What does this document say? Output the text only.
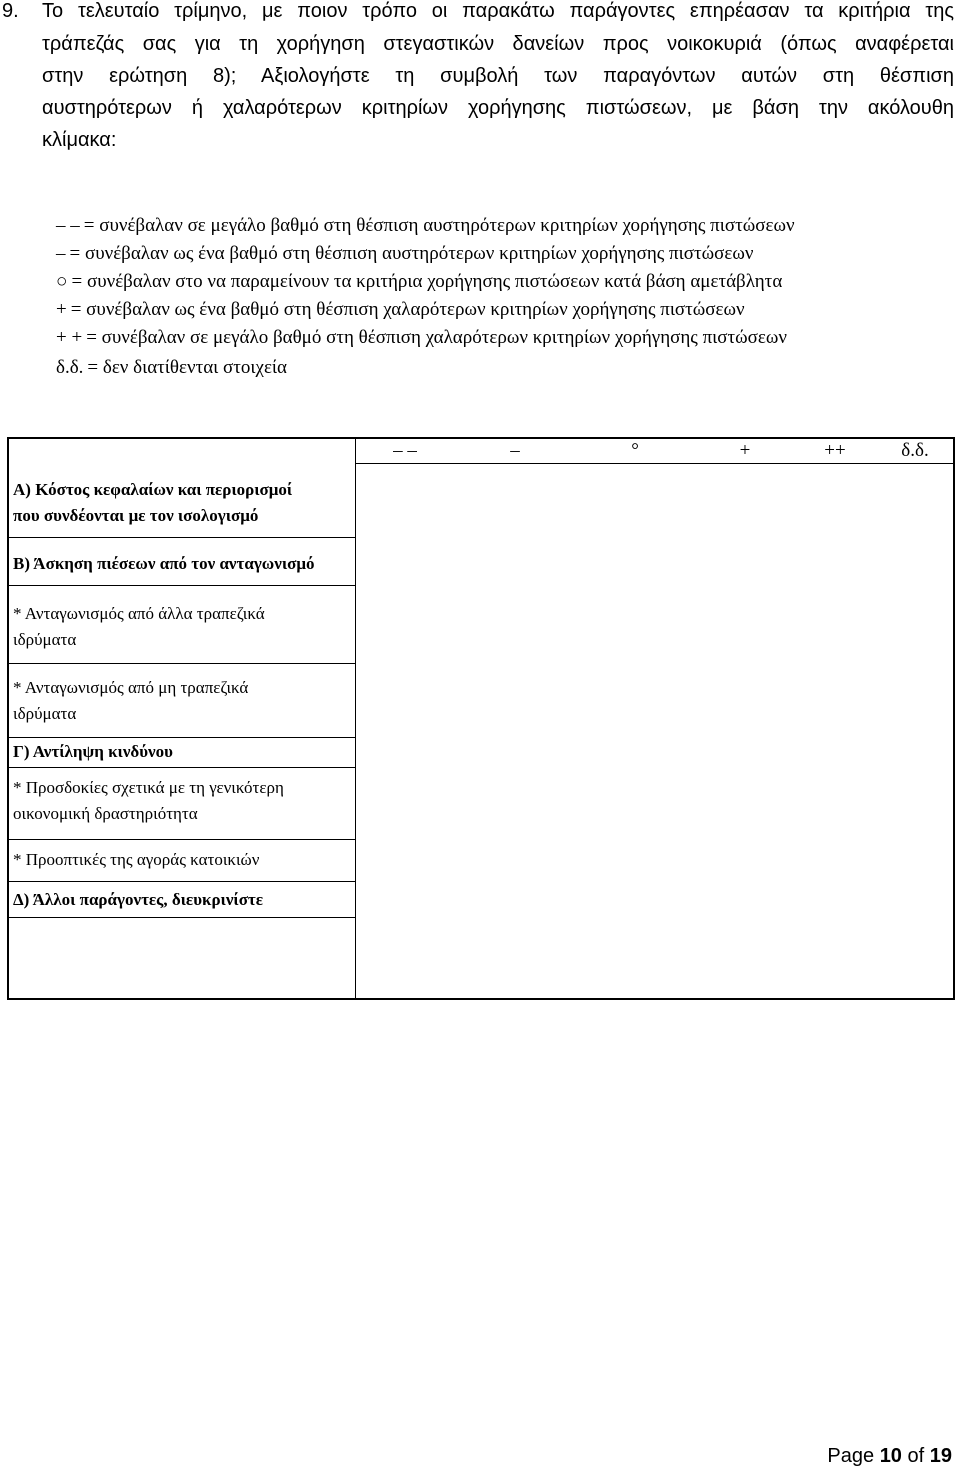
9. Το τελευταίο τρίμηνο, με ποιον τρόπο οι παρακάτω παράγοντες επηρέασαν τα κριτήρια της
τράπεζάς σας για τη χορήγηση στεγαστικών δανείων προς νοικοκυριά (όπως αναφέρεται
στην ερώτηση 8); Αξιολογήστε τη συμβολή των παραγόντων αυτών στη θέσπιση
αυστηρότερων ή χαλαρότερων κριτηρίων χορήγησης πιστώσεων, με βάση την ακόλουθη
κλίμακα:
– – = συνέβαλαν σε μεγάλο βαθμό στη θέσπιση αυστηρότερων κριτηρίων χορήγησης πιστώσεων
– = συνέβαλαν ως ένα βαθμό στη θέσπιση αυστηρότερων κριτηρίων χορήγησης πιστώσεων
○ = συνέβαλαν στο να παραμείνουν τα κριτήρια χορήγησης πιστώσεων κατά βάση αμετάβλητα
+ = συνέβαλαν ως ένα βαθμό στη θέσπιση χαλαρότερων κριτηρίων χορήγησης πιστώσεων
+ + = συνέβαλαν σε μεγάλο βαθμό στη θέσπιση χαλαρότερων κριτηρίων χορήγησης πιστώσεων
δ.δ. = δεν διατίθενται στοιχεία
– –	–	°	+	++	δ.δ.
Α) Κόστος κεφαλαίων και περιορισμοί
που συνδέονται με τον ισολογισμό
Β) Άσκηση πιέσεων από τον ανταγωνισμό
* Ανταγωνισμός από άλλα τραπεζικά
ιδρύματα
* Ανταγωνισμός από μη τραπεζικά
ιδρύματα
Γ) Αντίληψη κινδύνου
* Προσδοκίες σχετικά με τη γενικότερη
οικονομική δραστηριότητα
* Προοπτικές της αγοράς κατοικιών
Δ) Άλλοι παράγοντες, διευκρινίστε
Page 10 of 19
